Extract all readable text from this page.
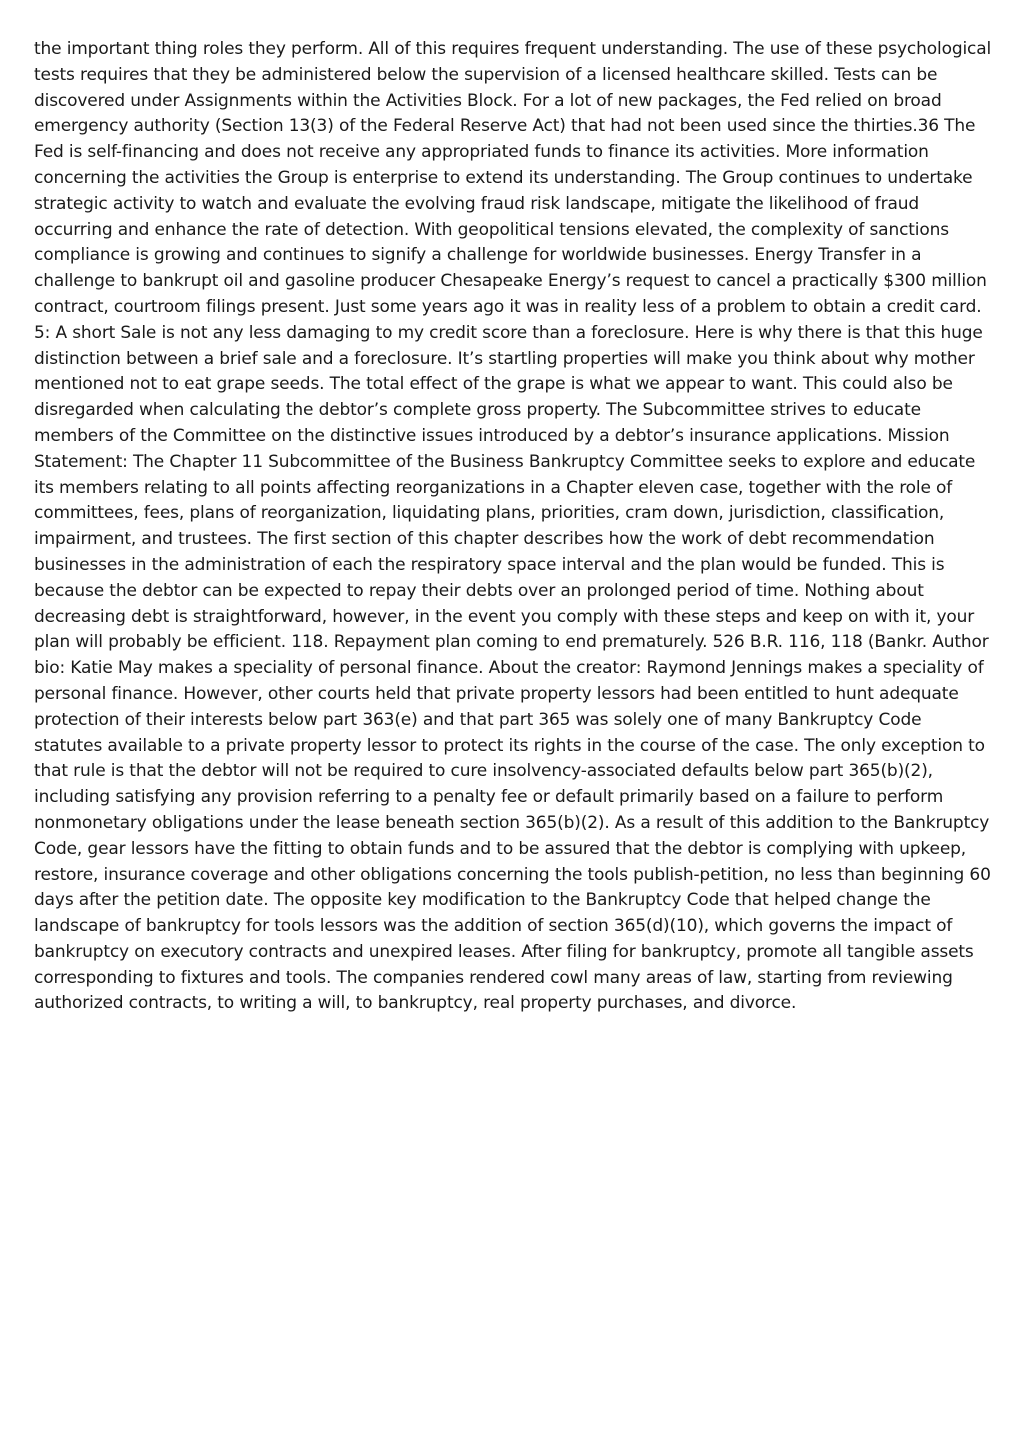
the important thing roles they perform. All of this requires frequent understanding. The use of these psychological tests requires that they be administered below the supervision of a licensed healthcare skilled. Tests can be discovered under Assignments within the Activities Block. For a lot of new packages, the Fed relied on broad emergency authority (Section 13(3) of the Federal Reserve Act) that had not been used since the thirties.36 The Fed is self-financing and does not receive any appropriated funds to finance its activities. More information concerning the activities the Group is enterprise to extend its understanding. The Group continues to undertake strategic activity to watch and evaluate the evolving fraud risk landscape, mitigate the likelihood of fraud occurring and enhance the rate of detection. With geopolitical tensions elevated, the complexity of sanctions compliance is growing and continues to signify a challenge for worldwide businesses. Energy Transfer in a challenge to bankrupt oil and gasoline producer Chesapeake Energy’s request to cancel a practically $300 million contract, courtroom filings present. Just some years ago it was in reality less of a problem to obtain a credit card. 5: A short Sale is not any less damaging to my credit score than a foreclosure. Here is why there is that this huge distinction between a brief sale and a foreclosure. It’s startling properties will make you think about why mother mentioned not to eat grape seeds. The total effect of the grape is what we appear to want. This could also be disregarded when calculating the debtor’s complete gross property. The Subcommittee strives to educate members of the Committee on the distinctive issues introduced by a debtor’s insurance applications. Mission Statement: The Chapter 11 Subcommittee of the Business Bankruptcy Committee seeks to explore and educate its members relating to all points affecting reorganizations in a Chapter eleven case, together with the role of committees, fees, plans of reorganization, liquidating plans, priorities, cram down, jurisdiction, classification, impairment, and trustees. The first section of this chapter describes how the work of debt recommendation businesses in the administration of each the respiratory space interval and the plan would be funded. This is because the debtor can be expected to repay their debts over an prolonged period of time. Nothing about decreasing debt is straightforward, however, in the event you comply with these steps and keep on with it, your plan will probably be efficient. 118. Repayment plan coming to end prematurely. 526 B.R. 116, 118 (Bankr. Author bio: Katie May makes a speciality of personal finance. About the creator: Raymond Jennings makes a speciality of personal finance. However, other courts held that private property lessors had been entitled to hunt adequate protection of their interests below part 363(e) and that part 365 was solely one of many Bankruptcy Code statutes available to a private property lessor to protect its rights in the course of the case. The only exception to that rule is that the debtor will not be required to cure insolvency-associated defaults below part 365(b)(2), including satisfying any provision referring to a penalty fee or default primarily based on a failure to perform nonmonetary obligations under the lease beneath section 365(b)(2). As a result of this addition to the Bankruptcy Code, gear lessors have the fitting to obtain funds and to be assured that the debtor is complying with upkeep, restore, insurance coverage and other obligations concerning the tools publish-petition, no less than beginning 60 days after the petition date. The opposite key modification to the Bankruptcy Code that helped change the landscape of bankruptcy for tools lessors was the addition of section 365(d)(10), which governs the impact of bankruptcy on executory contracts and unexpired leases. After filing for bankruptcy, promote all tangible assets corresponding to fixtures and tools. The companies rendered cowl many areas of law, starting from reviewing authorized contracts, to writing a will, to bankruptcy, real property purchases, and divorce.
